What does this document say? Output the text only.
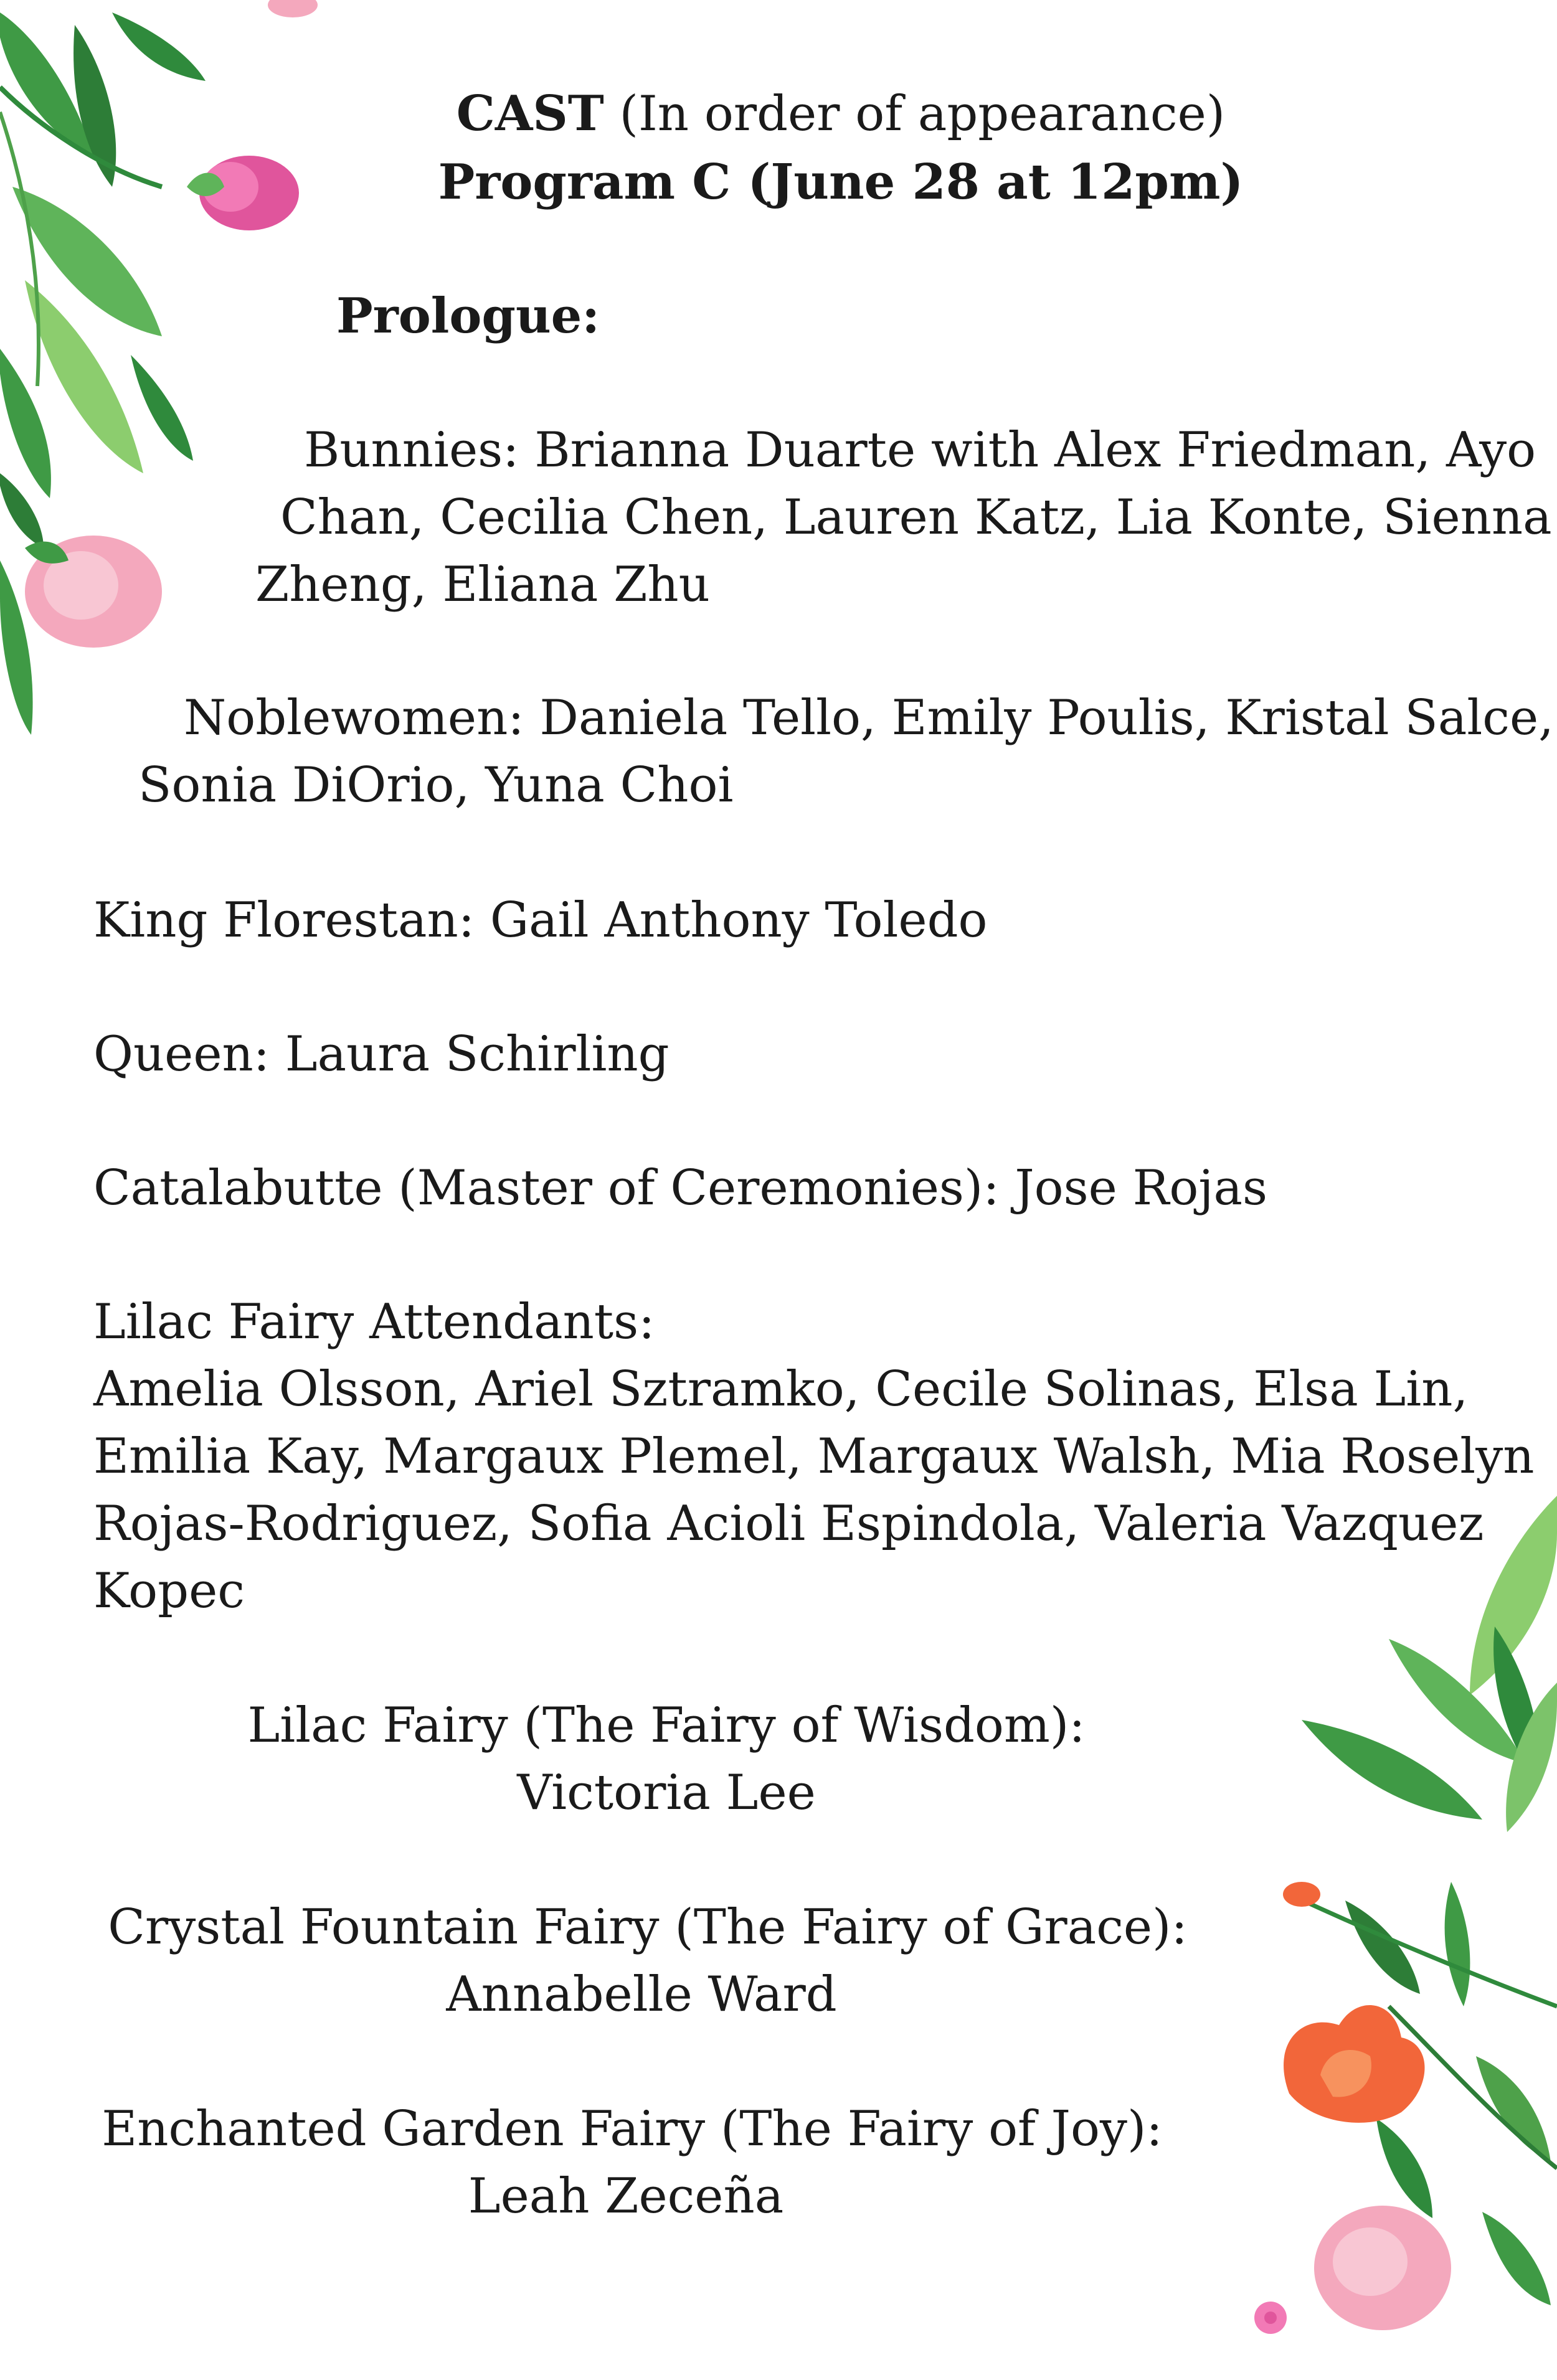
CAST (In order of appearance)
Program C (June 28 at 12pm)
Prologue:
Bunnies: Brianna Duarte with Alex Friedman, Ayo
Chan, Cecilia Chen, Lauren Katz, Lia Konte, Sienna
Zheng, Eliana Zhu
Noblewomen: Daniela Tello, Emily Poulis, Kristal Salce,
Sonia DiOrio, Yuna Choi
King Florestan: Gail Anthony Toledo
Queen: Laura Schirling
Catalabutte (Master of Ceremonies): Jose Rojas
Lilac Fairy Attendants:
Amelia Olsson, Ariel Sztramko, Cecile Solinas, Elsa Lin,
Emilia Kay, Margaux Plemel, Margaux Walsh, Mia Roselyn
Rojas-Rodriguez, Sofia Acioli Espindola, Valeria Vazquez
Kopec
Lilac Fairy (The Fairy of Wisdom):
Victoria Lee
Crystal Fountain Fairy (The Fairy of Grace):
Annabelle Ward
Enchanted Garden Fairy (The Fairy of Joy):
Leah Zeceña
